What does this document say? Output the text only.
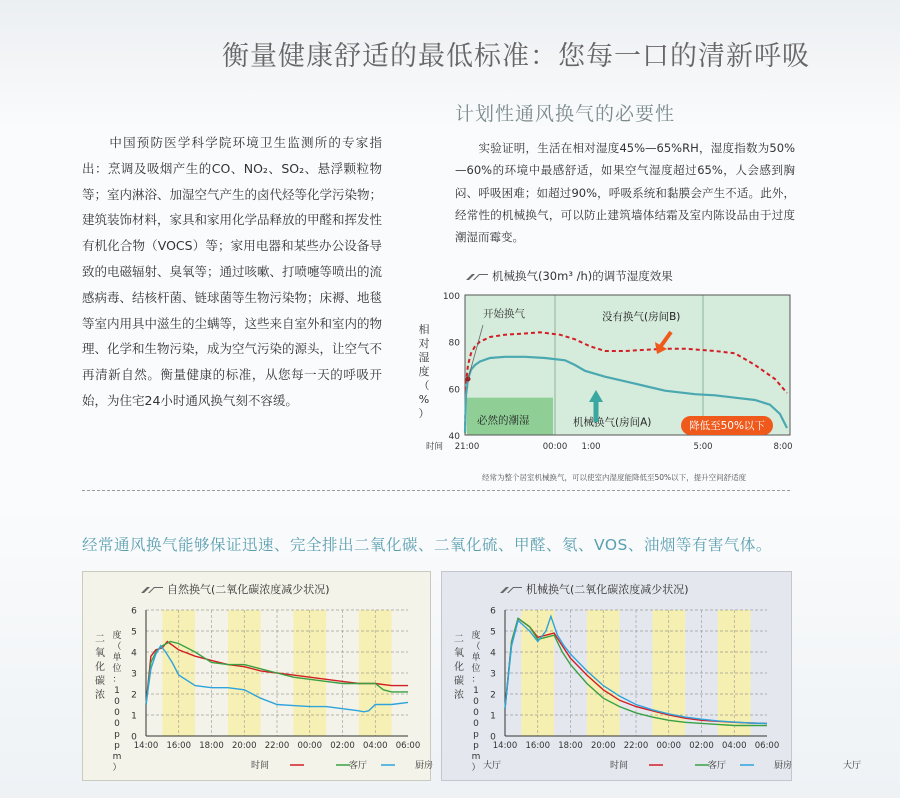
衡量健康舒适的最低标准：您每一口的清新呼吸
　　中国预防医学科学院环境卫生监测所的专家指出：烹调及吸烟产生的CO、NO₂、SO₂、悬浮颗粒物等；室内淋浴、加湿空气产生的卤代烃等化学污染物；建筑装饰材料，家具和家用化学品释放的甲醛和挥发性有机化合物（VOCS）等；家用电器和某些办公设备导致的电磁辐射、臭氧等；通过咳嗽、打喷嚏等喷出的流感病毒、结核杆菌、链球菌等生物污染物；床褥、地毯等室内用具中滋生的尘螨等，这些来自室外和室内的物理、化学和生物污染，成为空气污染的源头，让空气不再清新自然。衡量健康的标准，从您每一天的呼吸开始，为住宅24小时通风换气刻不容缓。
计划性通风换气的必要性
　　实验证明，生活在相对湿度45%—65%RH，湿度指数为50%—60%的环境中最感舒适，如果空气湿度超过65%，人会感到胸闷、呼吸困难；如超过90%，呼吸系统和黏膜会产生不适。此外，经常性的机械换气，可以防止建筑墙体结霜及室内陈设品由于过度潮湿而霉变。
机械换气(30m³ /h)的调节湿度效果
40
60
80
100
相
对
湿
度
（
%
）
21:00	00:00 1:00	5:00	8:00
时间
开始换气
必然的潮湿	机械换气(房间A)
没有换气(房间B)
降低至50%以下
经常为整个居室机械换气，可以使室内湿度能降低至50%以下，提升空间舒适度
经常通风换气能够保证迅速、完全排出二氧化碳、二氧化硫、甲醛、氡、VOS、油烟等有害气体。
自然换气(二氧化碳浓度减少状况)
0
1
2
3
4
5
6
14:00 16:00 18:00 20:00 22:00 00:00 02:00 04:00 06:00
二
氧
化
碳
浓
度
（
单
位
：
1
0
0
0
p
p
m
）	时间	客厅	厨房
机械换气(二氧化碳浓度减少状况)
0
1
2
3
4
5
6
14:00 16:00 18:00 20:00 22:00 00:00 02:00 04:00 06:00
二
氧
化
碳
浓
度
（
单
位
：
1
0
0
0
p
p
m
）	时间	客厅	厨房
大厅	大厅
